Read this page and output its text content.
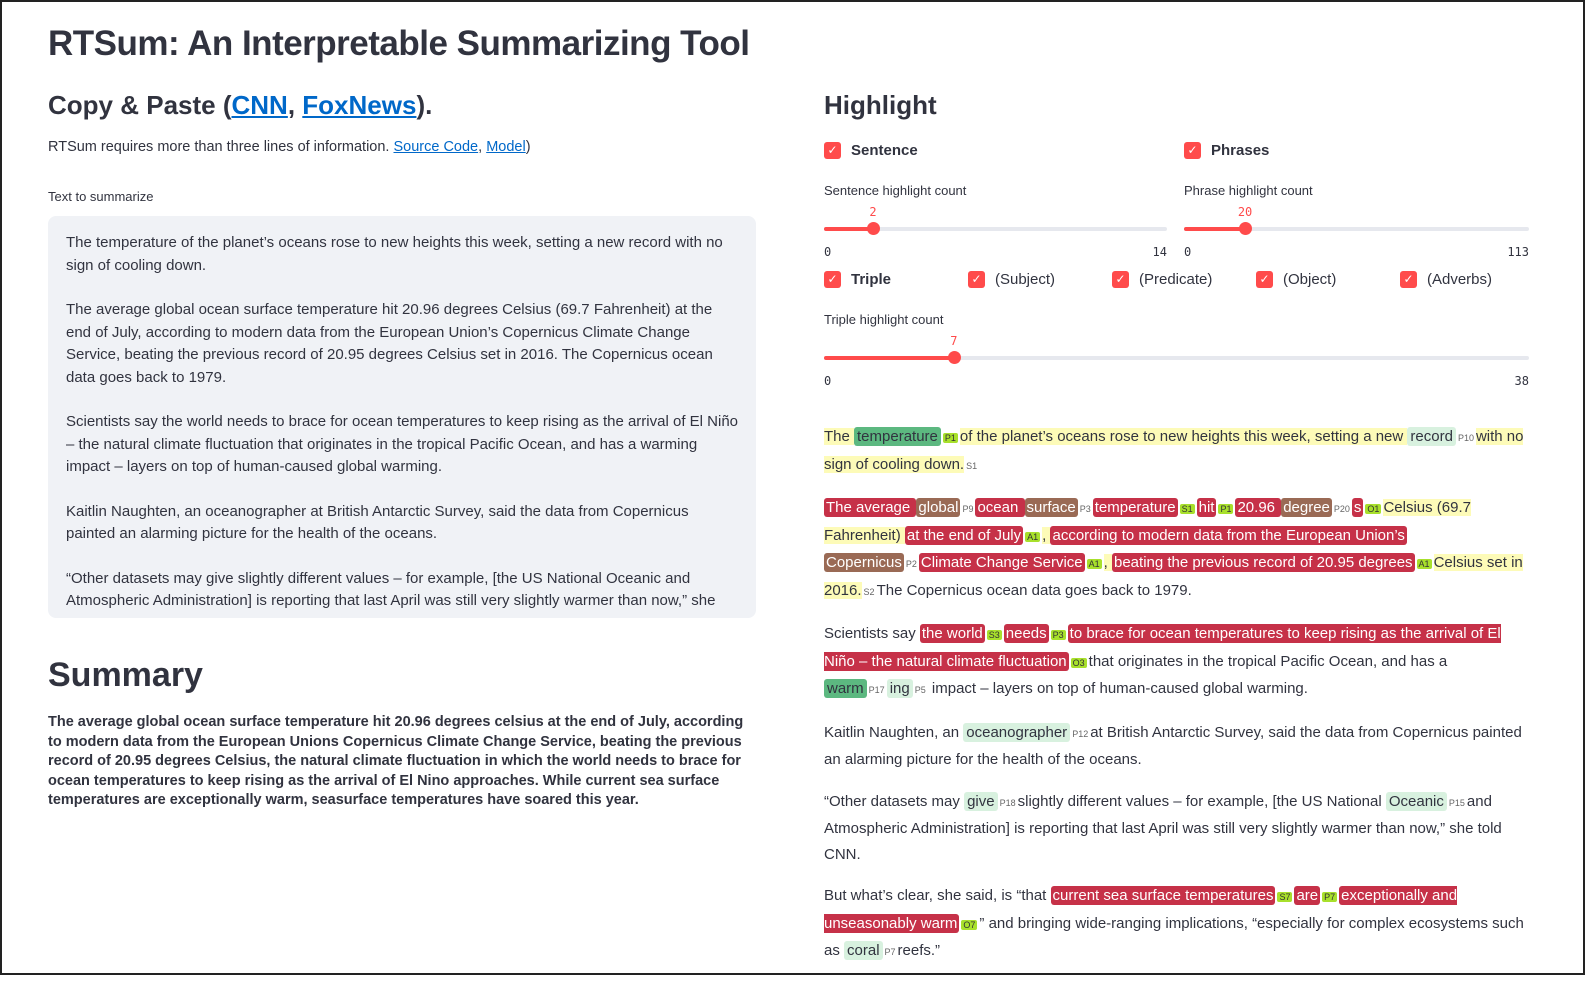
RTSum: An Interpretable Summarizing Tool
Copy & Paste (CNN, FoxNews).
RTSum requires more than three lines of information. Source Code, Model)
Text to summarize

The temperature of the planet’s oceans rose to new heights this week, setting a new record with no sign of cooling down.

The average global ocean surface temperature hit 20.96 degrees Celsius (69.7 Fahrenheit) at the end of July, according to modern data from the European Union’s Copernicus Climate Change Service, beating the previous record of 20.95 degrees Celsius set in 2016. The Copernicus ocean data goes back to 1979.

Scientists say the world needs to brace for ocean temperatures to keep rising as the arrival of El Niño – the natural climate fluctuation that originates in the tropical Pacific Ocean, and has a warming impact – layers on top of human-caused global warming.

Kaitlin Naughten, an oceanographer at British Antarctic Survey, said the data from Copernicus painted an alarming picture for the health of the oceans.

“Other datasets may give slightly different values – for example, [the US National Oceanic and Atmospheric Administration] is reporting that last April was still very slightly warmer than now,” she

Summary
The average global ocean surface temperature hit 20.96 degrees celsius at the end of July, according to modern data from the European Unions Copernicus Climate Change Service, beating the previous record of 20.95 degrees Celsius, the natural climate fluctuation in which the world needs to brace for ocean temperatures to keep rising as the arrival of El Nino approaches. While current sea surface temperatures are exceptionally warm, seasurface temperatures have soared this year.
Highlight
✓ Sentence	✓ Phrases
Sentence highlight count
2
0	14
Phrase highlight count
20
0	113
✓ Triple	✓ (Subject)	✓ (Predicate)	✓ (Object)	✓ (Adverbs)
Triple highlight count
7
0	38

The temperature P1 of the planet’s oceans rose to new heights this week, setting a new record P10 with no sign of cooling down. S1

The average global P9 ocean surface P3 temperature S1 hit P1 20.96 degree P20 s O1 Celsius (69.7 Fahrenheit) at the end of July A1 , according to modern data from the European Union’s Copernicus P2 Climate Change Service A1 , beating the previous record of 20.95 degrees A1 Celsius set in 2016. S2 The Copernicus ocean data goes back to 1979.

Scientists say the world S3 needs P3 to brace for ocean temperatures to keep rising as the arrival of El Niño – the natural climate fluctuation O3 that originates in the tropical Pacific Ocean, and has a warm P17 ing P5 impact – layers on top of human-caused global warming.

Kaitlin Naughten, an oceanographer P12 at British Antarctic Survey, said the data from Copernicus painted an alarming picture for the health of the oceans.

“Other datasets may give P18 slightly different values – for example, [the US National Oceanic P15 and Atmospheric Administration] is reporting that last April was still very slightly warmer than now,” she told CNN.

But what’s clear, she said, is “that current sea surface temperatures S7 are P7 exceptionally and unseasonably warm O7 ” and bringing wide-ranging implications, “especially for complex ecosystems such as coral P7 reefs.”
